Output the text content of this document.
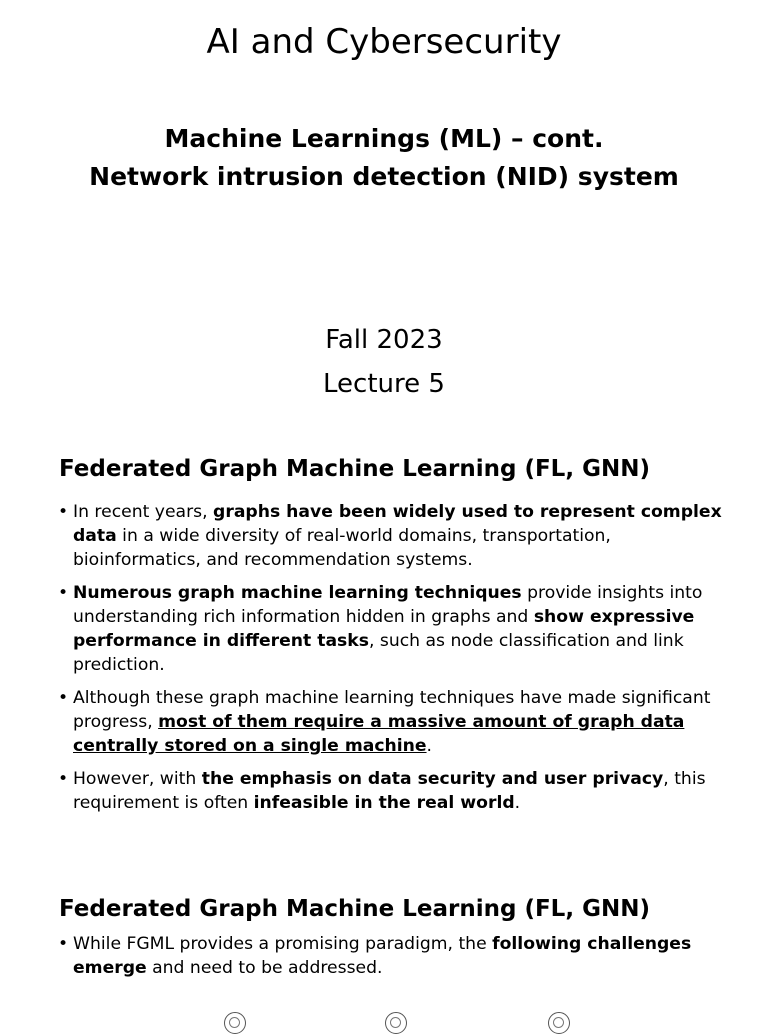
AI and Cybersecurity
Machine Learnings (ML) – cont.
Network intrusion detection (NID) system
Fall 2023
Lecture 5
Federated Graph Machine Learning (FL, GNN)
• In recent years, graphs have been widely used to represent complex data in a wide diversity of real-world domains, transportation, bioinformatics, and recommendation systems.
• Numerous graph machine learning techniques provide insights into understanding rich information hidden in graphs and show expressive performance in different tasks, such as node classification and link prediction.
• Although these graph machine learning techniques have made significant progress, most of them require a massive amount of graph data centrally stored on a single machine.
• However, with the emphasis on data security and user privacy, this requirement is often infeasible in the real world.
Federated Graph Machine Learning (FL, GNN)
• While FGML provides a promising paradigm, the following challenges emerge and need to be addressed.
